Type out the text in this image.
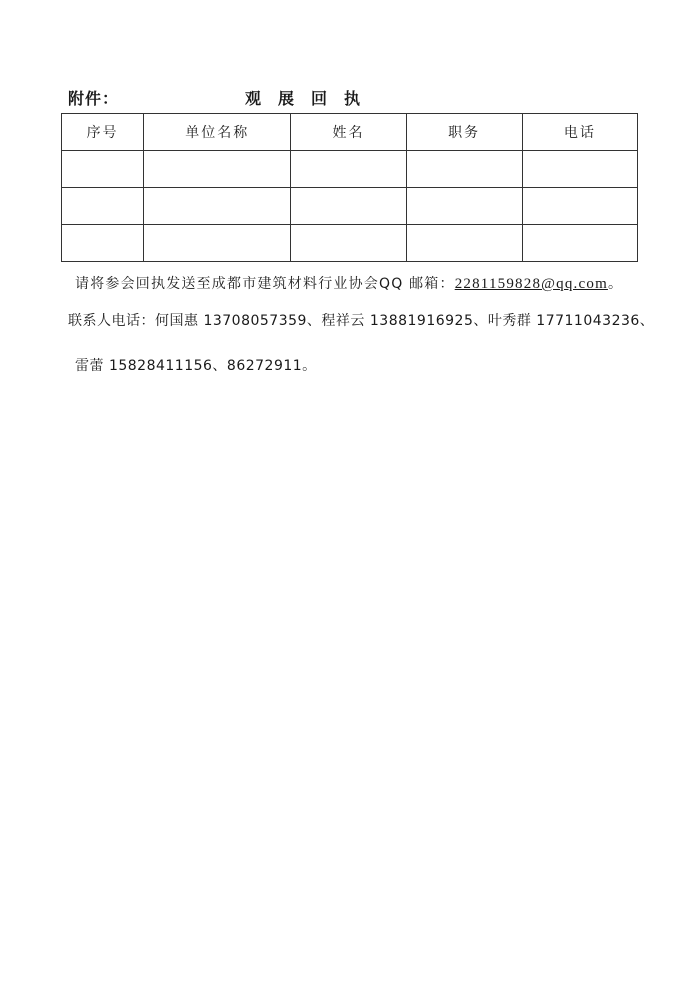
附件：	观展回执
序号	单位名称	姓名	职务	电话

请将参会回执发送至成都市建筑材料行业协会QQ 邮箱：2281159828@qq.com。
联系人电话：何国惠 13708057359、程祥云 13881916925、叶秀群 17711043236、
雷蕾 15828411156、86272911。
